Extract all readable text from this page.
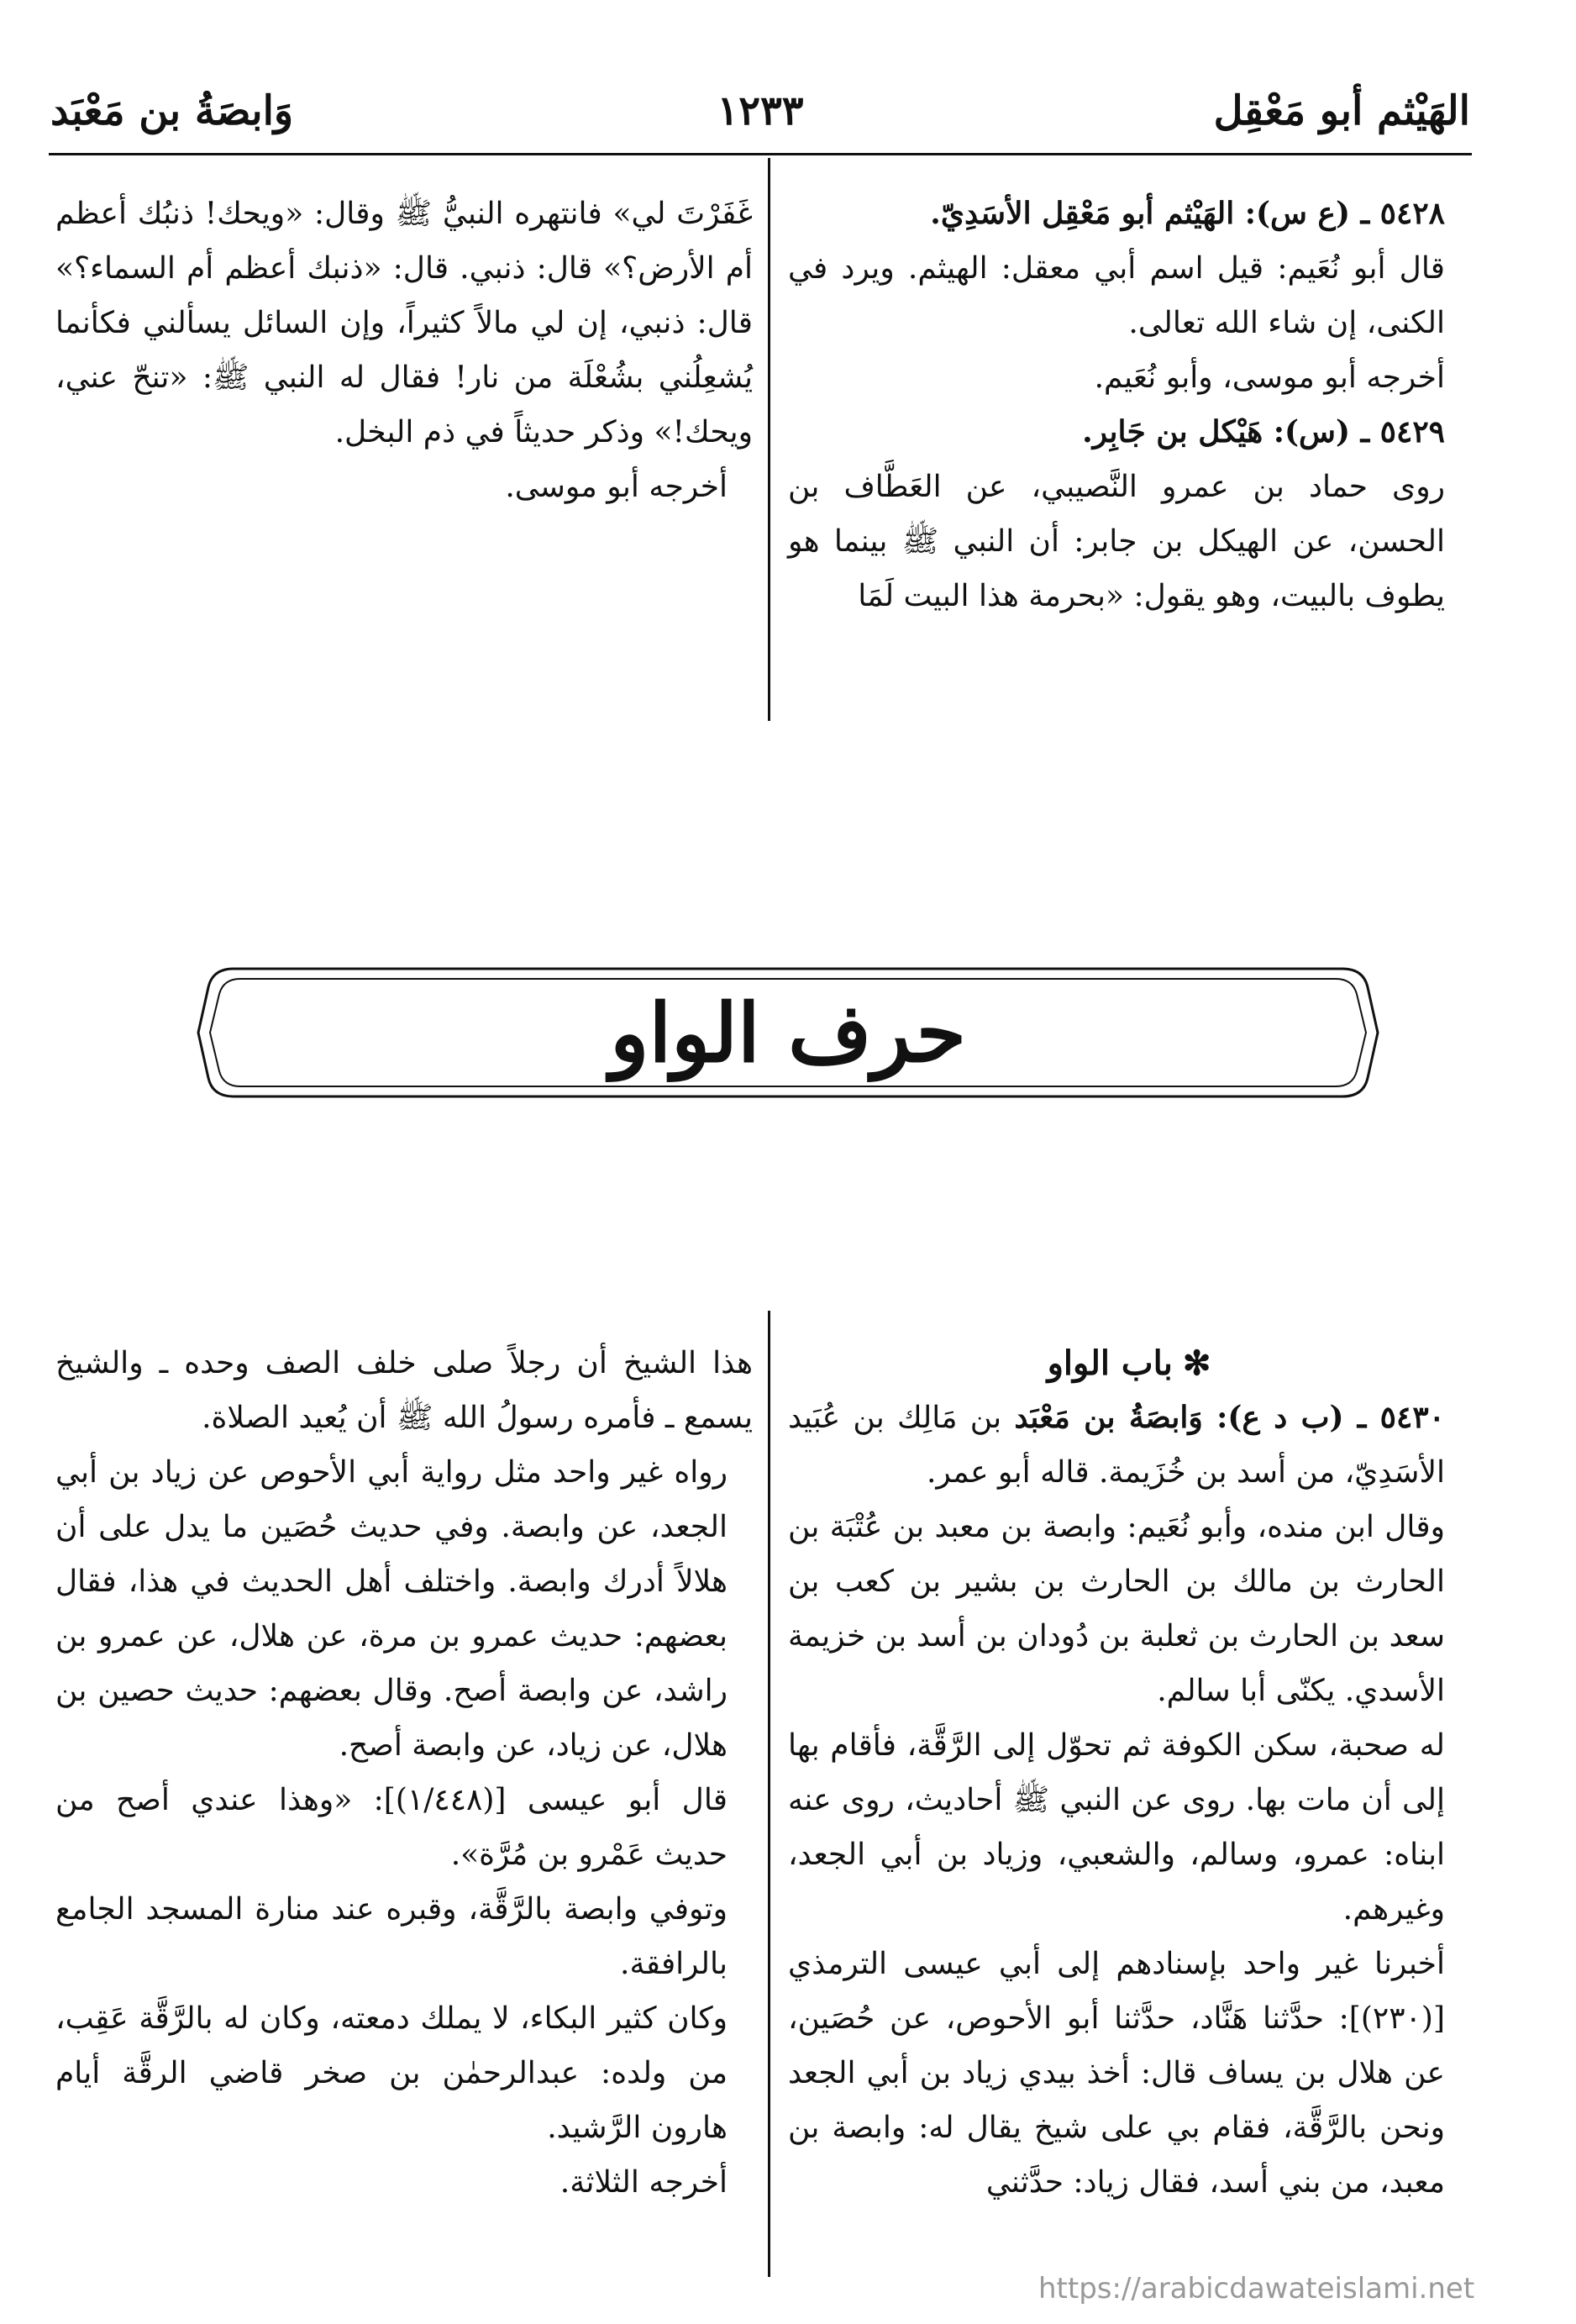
وَابصَةُ بن مَعْبَد	١٢٣٣	الهَيْثم أبو مَعْقِل

٥٤٢٨ ـ (ع س): الهَيْثم أبو مَعْقِل الأسَدِيّ.

قال أبو نُعَيم: قيل اسم أبي معقل: الهيثم. ويرد في الكنى، إن شاء الله تعالى.

أخرجه أبو موسى، وأبو نُعَيم.

٥٤٢٩ ـ (س): هَيْكل بن جَابِر.

روى حماد بن عمرو النَّصيبي، عن العَطَّاف بن الحسن، عن الهيكل بن جابر: أن النبي ﷺ بينما هو يطوف بالبيت، وهو يقول: «بحرمة هذا البيت لَمَا

غَفَرْتَ لي» فانتهره النبيُّ ﷺ وقال: «ويحك! ذنبُك أعظم أم الأرض؟» قال: ذنبي. قال: «ذنبك أعظم أم السماء؟» قال: ذنبي، إن لي مالاً كثيراً، وإن السائل يسألني فكأنما يُشعِلُني بشُعْلَة من نار! فقال له النبي ﷺ: «تنحّ عني، ويحك!» وذكر حديثاً في ذم البخل.

أخرجه أبو موسى.

حرف الواو

✻باب الواو

٥٤٣٠ ـ (ب د ع): وَابصَةُ بن مَعْبَد بن مَالِك بن عُبَيد الأسَدِيّ، من أسد بن خُزَيمة. قاله أبو عمر.

وقال ابن منده، وأبو نُعَيم: وابصة بن معبد بن عُتْبَة بن الحارث بن مالك بن الحارث بن بشير بن كعب بن سعد بن الحارث بن ثعلبة بن دُودان بن أسد بن خزيمة الأسدي. يكنّى أبا سالم.

له صحبة، سكن الكوفة ثم تحوّل إلى الرَّقَّة، فأقام بها إلى أن مات بها. روى عن النبي ﷺ أحاديث، روى عنه ابناه: عمرو، وسالم، والشعبي، وزياد بن أبي الجعد، وغيرهم.

أخبرنا غير واحد بإسنادهم إلى أبي عيسى الترمذي [(٢٣٠)]: حدَّثنا هَنَّاد، حدَّثنا أبو الأحوص، عن حُصَين، عن هلال بن يساف قال: أخذ بيدي زياد بن أبي الجعد ونحن بالرَّقَّة، فقام بي على شيخ يقال له: وابصة بن معبد، من بني أسد، فقال زياد: حدَّثني

هذا الشيخ أن رجلاً صلى خلف الصف وحده ـ والشيخ يسمع ـ فأمره رسولُ الله ﷺ أن يُعيد الصلاة.

رواه غير واحد مثل رواية أبي الأحوص عن زياد بن أبي الجعد، عن وابصة. وفي حديث حُصَين ما يدل على أن هلالاً أدرك وابصة. واختلف أهل الحديث في هذا، فقال بعضهم: حديث عمرو بن مرة، عن هلال، عن عمرو بن راشد، عن وابصة أصح. وقال بعضهم: حديث حصين بن هلال، عن زياد، عن وابصة أصح.

قال أبو عيسى [(١/٤٤٨)]: «وهذا عندي أصح من حديث عَمْرو بن مُرَّة».

وتوفي وابصة بالرَّقَّة، وقبره عند منارة المسجد الجامع بالرافقة.

وكان كثير البكاء، لا يملك دمعته، وكان له بالرَّقَّة عَقِب، من ولده: عبدالرحمٰن بن صخر قاضي الرقَّة أيام هارون الرَّشيد.

أخرجه الثلاثة.

https://arabicdawateislami.net
